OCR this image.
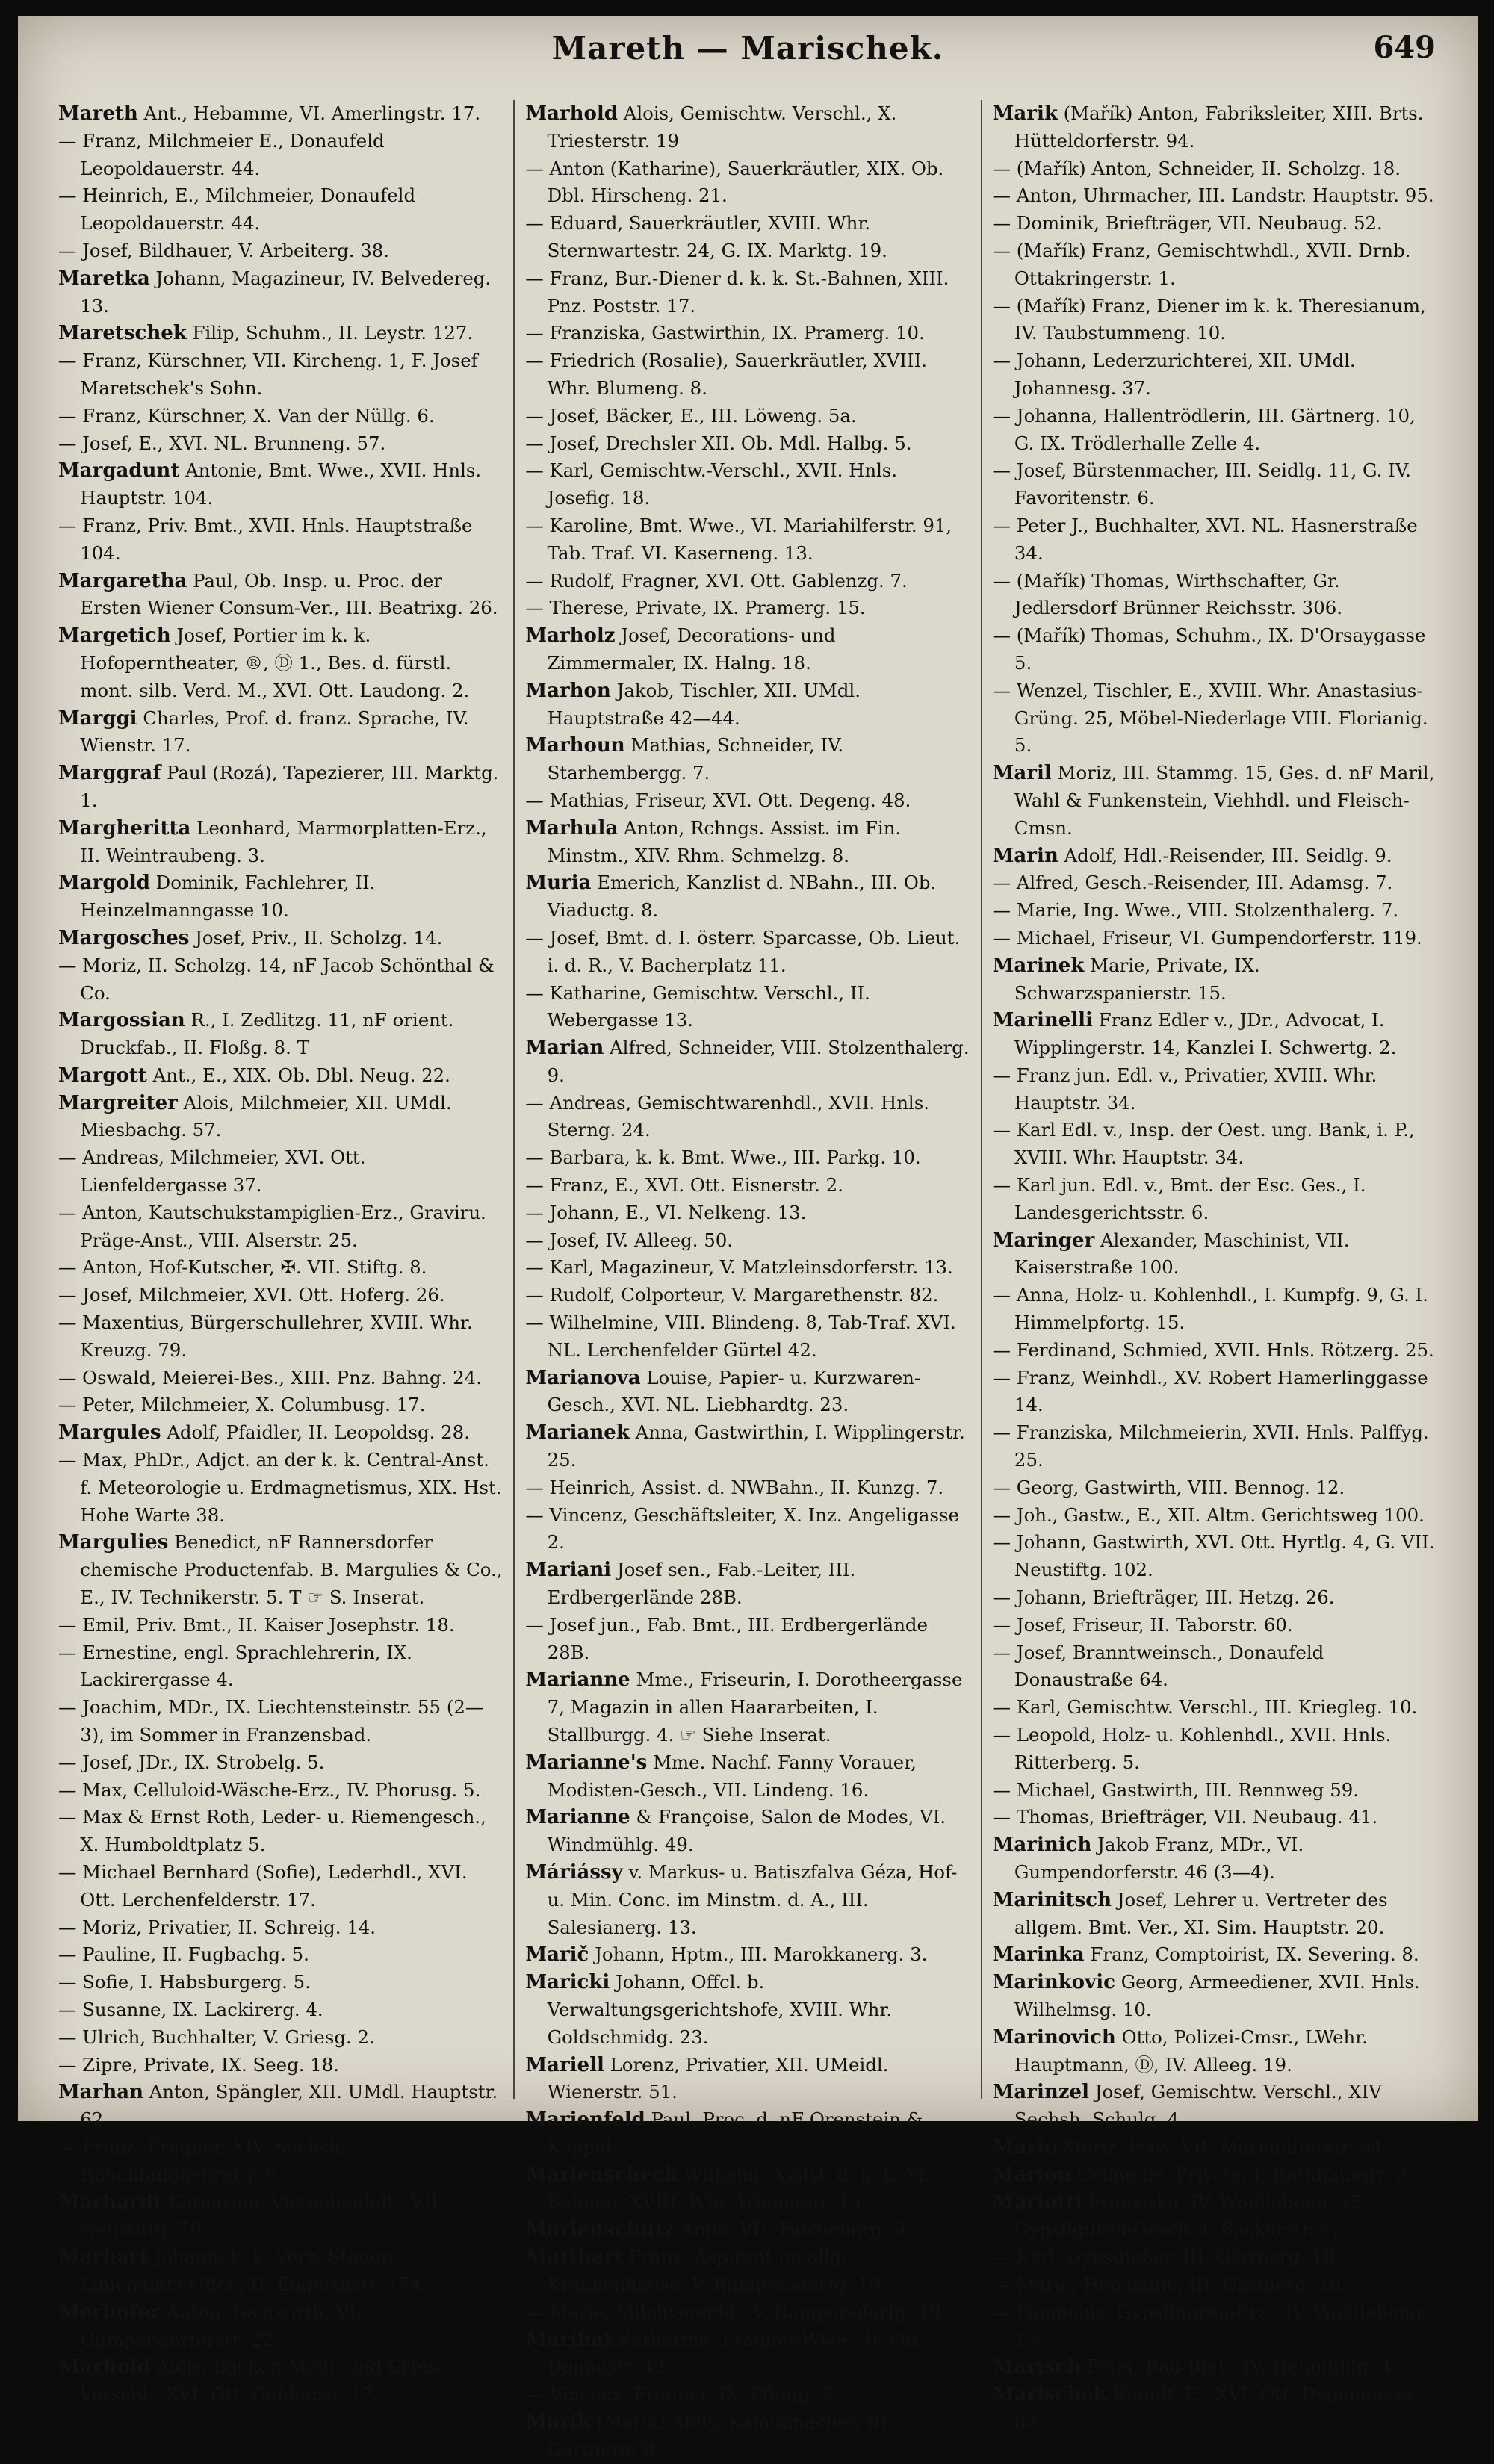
Mareth — Marischek.	649

Mareth Ant., Hebamme, VI. Amerlingstr. 17.

— Franz, Milchmeier E., Donaufeld Leopoldauerstr. 44.

— Heinrich, E., Milchmeier, Donaufeld Leopoldauerstr. 44.

— Josef, Bildhauer, V. Arbeiterg. 38.

Maretka Johann, Magazineur, IV. Belvedereg. 13.

Maretschek Filip, Schuhm., II. Leystr. 127.

— Franz, Kürschner, VII. Kircheng. 1, F. Josef Maretschek's Sohn.

— Franz, Kürschner, X. Van der Nüllg. 6.

— Josef, E., XVI. NL. Brunneng. 57.

Margadunt Antonie, Bmt. Wwe., XVII. Hnls. Hauptstr. 104.

— Franz, Priv. Bmt., XVII. Hnls. Hauptstraße 104.

Margaretha Paul, Ob. Insp. u. Proc. der Ersten Wiener Consum-Ver., III. Beatrixg. 26.

Margetich Josef, Portier im k. k. Hofoperntheater, ®, Ⓓ 1., Bes. d. fürstl. mont. silb. Verd. M., XVI. Ott. Laudong. 2.

Marggi Charles, Prof. d. franz. Sprache, IV. Wienstr. 17.

Marggraf Paul (Rozá), Tapezierer, III. Marktg. 1.

Margheritta Leonhard, Marmorplatten-Erz., II. Weintraubeng. 3.

Margold Dominik, Fachlehrer, II. Heinzelmanngasse 10.

Margosches Josef, Priv., II. Scholzg. 14.

— Moriz, II. Scholzg. 14, nF Jacob Schönthal & Co.

Margossian R., I. Zedlitzg. 11, nF orient. Druckfab., II. Floßg. 8. T

Margott Ant., E., XIX. Ob. Dbl. Neug. 22.

Margreiter Alois, Milchmeier, XII. UMdl. Miesbachg. 57.

— Andreas, Milchmeier, XVI. Ott. Lienfeldergasse 37.

— Anton, Kautschukstampiglien-Erz., Graviru. Präge-Anst., VIII. Alserstr. 25.

— Anton, Hof-Kutscher, ✠. VII. Stiftg. 8.

— Josef, Milchmeier, XVI. Ott. Hoferg. 26.

— Maxentius, Bürgerschullehrer, XVIII. Whr. Kreuzg. 79.

— Oswald, Meierei-Bes., XIII. Pnz. Bahng. 24.

— Peter, Milchmeier, X. Columbusg. 17.

Margules Adolf, Pfaidler, II. Leopoldsg. 28.

— Max, PhDr., Adjct. an der k. k. Central-Anst. f. Meteorologie u. Erdmagnetismus, XIX. Hst. Hohe Warte 38.

Margulies Benedict, nF Rannersdorfer chemische Productenfab. B. Margulies & Co., E., IV. Technikerstr. 5. T ☞ S. Inserat.

— Emil, Priv. Bmt., II. Kaiser Josephstr. 18.

— Ernestine, engl. Sprachlehrerin, IX. Lackirergasse 4.

— Joachim, MDr., IX. Liechtensteinstr. 55 (2—3), im Sommer in Franzensbad.

— Josef, JDr., IX. Strobelg. 5.

— Max, Celluloid-Wäsche-Erz., IV. Phorusg. 5.

— Max & Ernst Roth, Leder- u. Riemengesch., X. Humboldtplatz 5.

— Michael Bernhard (Sofie), Lederhdl., XVI. Ott. Lerchenfelderstr. 17.

— Moriz, Privatier, II. Schreig. 14.

— Pauline, II. Fugbachg. 5.

— Sofie, I. Habsburgerg. 5.

— Susanne, IX. Lackirerg. 4.

— Ulrich, Buchhalter, V. Griesg. 2.

— Zipre, Private, IX. Seeg. 18.

Marhan Anton, Spängler, XII. UMdl. Hauptstr. 62.

— Franz, Fragner, XIV. Sechsh. Rauchfangkehrerg. 6.

Marhardt Katharine, Victualienhdl., VII. Neustiftg. 70.

Marhart Johann, k. k. Verz.-Steuer-Linienamts-Offcl., II. Engerthstr. 174.

Merhofer Anton, Gastwirth, VI. Gumpendorferstr. 22.

Marhold Alois, Bäcker, Mehl- und Gries-Verschl., XVI. Ott. Gablenzg. 17.

Marhold Alois, Gemischtw. Verschl., X. Triesterstr. 19

— Anton (Katharine), Sauerkräutler, XIX. Ob. Dbl. Hirscheng. 21.

— Eduard, Sauerkräutler, XVIII. Whr. Sternwartestr. 24, G. IX. Marktg. 19.

— Franz, Bur.-Diener d. k. k. St.-Bahnen, XIII. Pnz. Poststr. 17.

— Franziska, Gastwirthin, IX. Pramerg. 10.

— Friedrich (Rosalie), Sauerkräutler, XVIII. Whr. Blumeng. 8.

— Josef, Bäcker, E., III. Löweng. 5a.

— Josef, Drechsler XII. Ob. Mdl. Halbg. 5.

— Karl, Gemischtw.-Verschl., XVII. Hnls. Josefig. 18.

— Karoline, Bmt. Wwe., VI. Mariahilferstr. 91, Tab. Traf. VI. Kaserneng. 13.

— Rudolf, Fragner, XVI. Ott. Gablenzg. 7.

— Therese, Private, IX. Pramerg. 15.

Marholz Josef, Decorations- und Zimmermaler, IX. Halng. 18.

Marhon Jakob, Tischler, XII. UMdl. Hauptstraße 42—44.

Marhoun Mathias, Schneider, IV. Starhembergg. 7.

— Mathias, Friseur, XVI. Ott. Degeng. 48.

Marhula Anton, Rchngs. Assist. im Fin. Minstm., XIV. Rhm. Schmelzg. 8.

Muria Emerich, Kanzlist d. NBahn., III. Ob. Viaductg. 8.

— Josef, Bmt. d. I. österr. Sparcasse, Ob. Lieut. i. d. R., V. Bacherplatz 11.

— Katharine, Gemischtw. Verschl., II. Webergasse 13.

Marian Alfred, Schneider, VIII. Stolzenthalerg. 9.

— Andreas, Gemischtwarenhdl., XVII. Hnls. Sterng. 24.

— Barbara, k. k. Bmt. Wwe., III. Parkg. 10.

— Franz, E., XVI. Ott. Eisnerstr. 2.

— Johann, E., VI. Nelkeng. 13.

— Josef, IV. Alleeg. 50.

— Karl, Magazineur, V. Matzleinsdorferstr. 13.

— Rudolf, Colporteur, V. Margarethenstr. 82.

— Wilhelmine, VIII. Blindeng. 8, Tab-Traf. XVI. NL. Lerchenfelder Gürtel 42.

Marianova Louise, Papier- u. Kurzwaren-Gesch., XVI. NL. Liebhardtg. 23.

Marianek Anna, Gastwirthin, I. Wipplingerstr. 25.

— Heinrich, Assist. d. NWBahn., II. Kunzg. 7.

— Vincenz, Geschäftsleiter, X. Inz. Angeligasse 2.

Mariani Josef sen., Fab.-Leiter, III. Erdbergerlände 28B.

— Josef jun., Fab. Bmt., III. Erdbergerlände 28B.

Marianne Mme., Friseurin, I. Dorotheergasse 7, Magazin in allen Haararbeiten, I. Stallburgg. 4. ☞ Siehe Inserat.

Marianne's Mme. Nachf. Fanny Vorauer, Modisten-Gesch., VII. Lindeng. 16.

Marianne & Françoise, Salon de Modes, VI. Windmühlg. 49.

Máriássy v. Markus- u. Batiszfalva Géza, Hof- u. Min. Conc. im Minstm. d. A., III. Salesianerg. 13.

Marič Johann, Hptm., III. Marokkanerg. 3.

Maricki Johann, Offcl. b. Verwaltungsgerichtshofe, XVIII. Whr. Goldschmidg. 23.

Mariell Lorenz, Privatier, XII. UMeidl. Wienerstr. 51.

Marienfeld Paul, Proc. d. nF Orenstein & Koppel.

Marienscheck Wilhelm, Assist. d. k. k. St.-Bahnen, XVIII. Whr. Wienerstr. 13.

Marienschütz Anna, VII. Faßzieherg. 9.

Marihart Franz, Aspirant im allg. Krankenhause, V. Rampersdorfg. 19.

— Marie, Milchverschl., V. Rampersdorfg. 19.

Marihat Katharine, Fragner-Wwe., II. Ob. Donaustr. 43.

— Vincenz, Fragner, IX. Pflugg. 3.

Marik (Mařík) Alois, Kammmacher, III. Gärtnerg. 8.

Marik (Mařík) Anton, Fabriksleiter, XIII. Brts. Hütteldorferstr. 94.

— (Mařík) Anton, Schneider, II. Scholzg. 18.

— Anton, Uhrmacher, III. Landstr. Hauptstr. 95.

— Dominik, Briefträger, VII. Neubaug. 52.

— (Mařík) Franz, Gemischtwhdl., XVII. Drnb. Ottakringerstr. 1.

— (Mařík) Franz, Diener im k. k. Theresianum, IV. Taubstummeng. 10.

— Johann, Lederzurichterei, XII. UMdl. Johannesg. 37.

— Johanna, Hallentrödlerin, III. Gärtnerg. 10, G. IX. Trödlerhalle Zelle 4.

— Josef, Bürstenmacher, III. Seidlg. 11, G. IV. Favoritenstr. 6.

— Peter J., Buchhalter, XVI. NL. Hasnerstraße 34.

— (Mařík) Thomas, Wirthschafter, Gr. Jedlersdorf Brünner Reichsstr. 306.

— (Mařík) Thomas, Schuhm., IX. D'Orsaygasse 5.

— Wenzel, Tischler, E., XVIII. Whr. Anastasius-Grüng. 25, Möbel-Niederlage VIII. Florianig. 5.

Maril Moriz, III. Stammg. 15, Ges. d. nF Maril, Wahl & Funkenstein, Viehhdl. und Fleisch-Cmsn.

Marin Adolf, Hdl.-Reisender, III. Seidlg. 9.

— Alfred, Gesch.-Reisender, III. Adamsg. 7.

— Marie, Ing. Wwe., VIII. Stolzenthalerg. 7.

— Michael, Friseur, VI. Gumpendorferstr. 119.

Marinek Marie, Private, IX. Schwarzspanierstr. 15.

Marinelli Franz Edler v., JDr., Advocat, I. Wipplingerstr. 14, Kanzlei I. Schwertg. 2.

— Franz jun. Edl. v., Privatier, XVIII. Whr. Hauptstr. 34.

— Karl Edl. v., Insp. der Oest. ung. Bank, i. P., XVIII. Whr. Hauptstr. 34.

— Karl jun. Edl. v., Bmt. der Esc. Ges., I. Landesgerichtsstr. 6.

Maringer Alexander, Maschinist, VII. Kaiserstraße 100.

— Anna, Holz- u. Kohlenhdl., I. Kumpfg. 9, G. I. Himmelpfortg. 15.

— Ferdinand, Schmied, XVII. Hnls. Rötzerg. 25.

— Franz, Weinhdl., XV. Robert Hamerlinggasse 14.

— Franziska, Milchmeierin, XVII. Hnls. Palffyg. 25.

— Georg, Gastwirth, VIII. Bennog. 12.

— Joh., Gastw., E., XII. Altm. Gerichtsweg 100.

— Johann, Gastwirth, XVI. Ott. Hyrtlg. 4, G. VII. Neustiftg. 102.

— Johann, Briefträger, III. Hetzg. 26.

— Josef, Friseur, II. Taborstr. 60.

— Josef, Branntweinsch., Donaufeld Donaustraße 64.

— Karl, Gemischtw. Verschl., III. Kriegleg. 10.

— Leopold, Holz- u. Kohlenhdl., XVII. Hnls. Ritterberg. 5.

— Michael, Gastwirth, III. Rennweg 59.

— Thomas, Briefträger, VII. Neubaug. 41.

Marinich Jakob Franz, MDr., VI. Gumpendorferstr. 46 (3—4).

Marinitsch Josef, Lehrer u. Vertreter des allgem. Bmt. Ver., XI. Sim. Hauptstr. 20.

Marinka Franz, Comptoirist, IX. Severing. 8.

Marinkovic Georg, Armeediener, XVII. Hnls. Wilhelmsg. 10.

Marinovich Otto, Polizei-Cmsr., LWehr. Hauptmann, Ⓓ, IV. Alleeg. 19.

Marinzel Josef, Gemischtw. Verschl., XIV Sechsh. Schulg. 4.

Mario Moriz, Priv., VII. Mariahilferstr. 54.

Marion Celine de, Private, I. Rathhausstr. 2.

Mariotti Franziska, IV. Wohllebeng. 15, Gypsfiguren-Gesch. I. Bäckerstr. 4.

— Karl, Gypsgießer, III. Gärtnerg. 18.

— Marie, Hebamme, III. Gärtnerg. 18.

— Pompejus, Gypsfiguren-Erz., IV. Wohllebeng. 15.

Marisch Peter, Bau-Bmt., IV. Heumühlg. 4.

Marischek Rudolf, E., XVI. Ott. Degengasse 82.
